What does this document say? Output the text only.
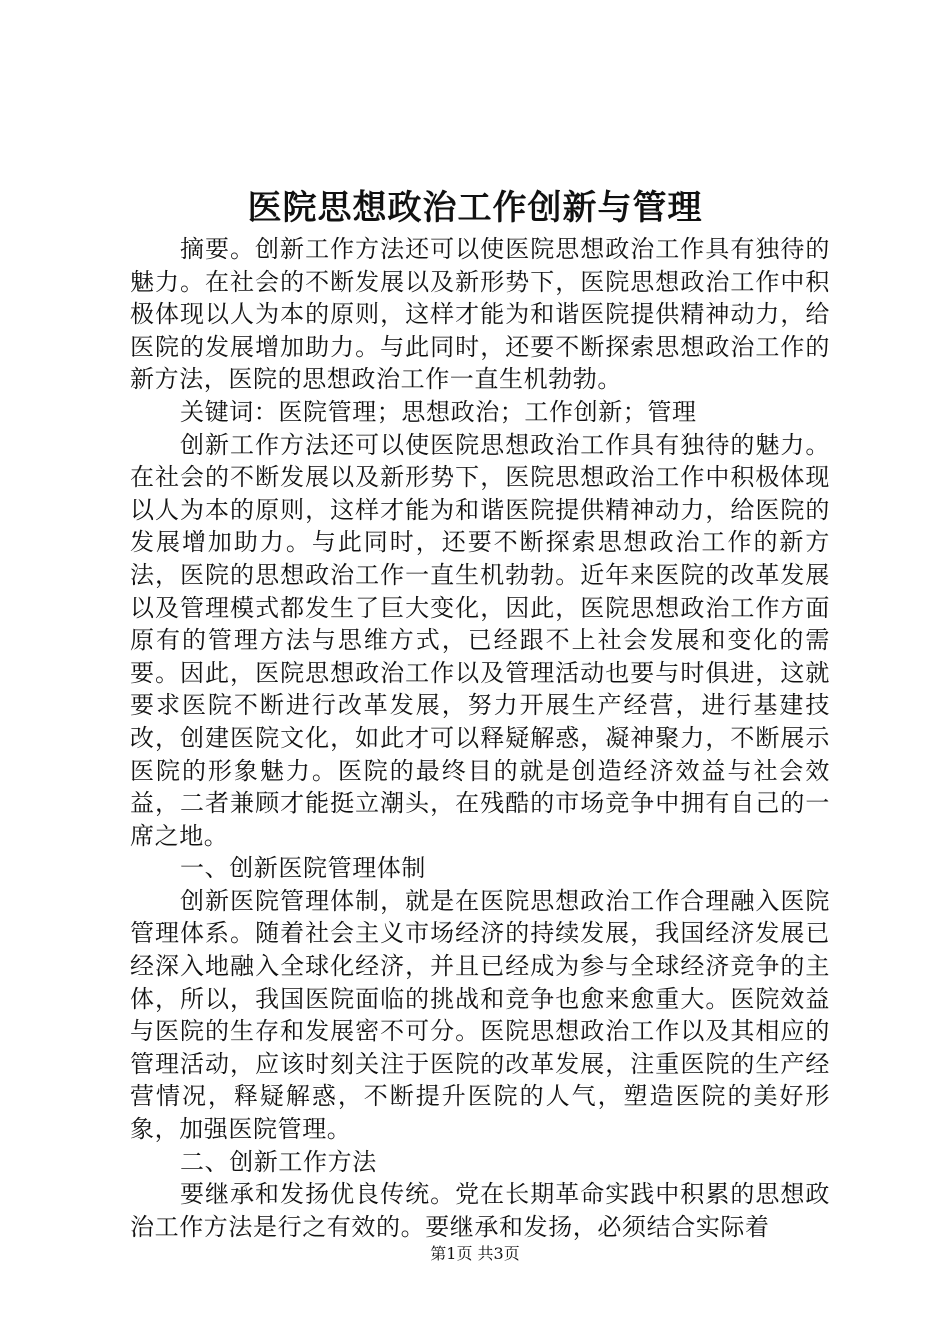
医院思想政治工作创新与管理

摘要。创新工作方法还可以使医院思想政治工作具有独待的魅力。在社会的不断发展以及新形势下，医院思想政治工作中积极体现以人为本的原则，这样才能为和谐医院提供精神动力，给医院的发展增加助力。与此同时，还要不断探索思想政治工作的新方法，医院的思想政治工作一直生机勃勃。

关键词：医院管理；思想政治；工作创新；管理

创新工作方法还可以使医院思想政治工作具有独待的魅力。在社会的不断发展以及新形势下，医院思想政治工作中积极体现以人为本的原则，这样才能为和谐医院提供精神动力，给医院的发展增加助力。与此同时，还要不断探索思想政治工作的新方法，医院的思想政治工作一直生机勃勃。近年来医院的改革发展以及管理模式都发生了巨大变化，因此，医院思想政治工作方面原有的管理方法与思维方式，已经跟不上社会发展和变化的需要。因此，医院思想政治工作以及管理活动也要与时俱进，这就要求医院不断进行改革发展，努力开展生产经营，进行基建技改，创建医院文化，如此才可以释疑解惑，凝神聚力，不断展示医院的形象魅力。医院的最终目的就是创造经济效益与社会效益，二者兼顾才能挺立潮头，在残酷的市场竞争中拥有自己的一席之地。

一、创新医院管理体制

创新医院管理体制，就是在医院思想政治工作合理融入医院管理体系。随着社会主义市场经济的持续发展，我国经济发展已经深入地融入全球化经济，并且已经成为参与全球经济竞争的主体，所以，我国医院面临的挑战和竞争也愈来愈重大。医院效益与医院的生存和发展密不可分。医院思想政治工作以及其相应的管理活动，应该时刻关注于医院的改革发展，注重医院的生产经营情况，释疑解惑，不断提升医院的人气，塑造医院的美好形象，加强医院管理。

二、创新工作方法

要继承和发扬优良传统。党在长期革命实践中积累的思想政治工作方法是行之有效的。要继承和发扬，必须结合实际着

第1页 共3页
